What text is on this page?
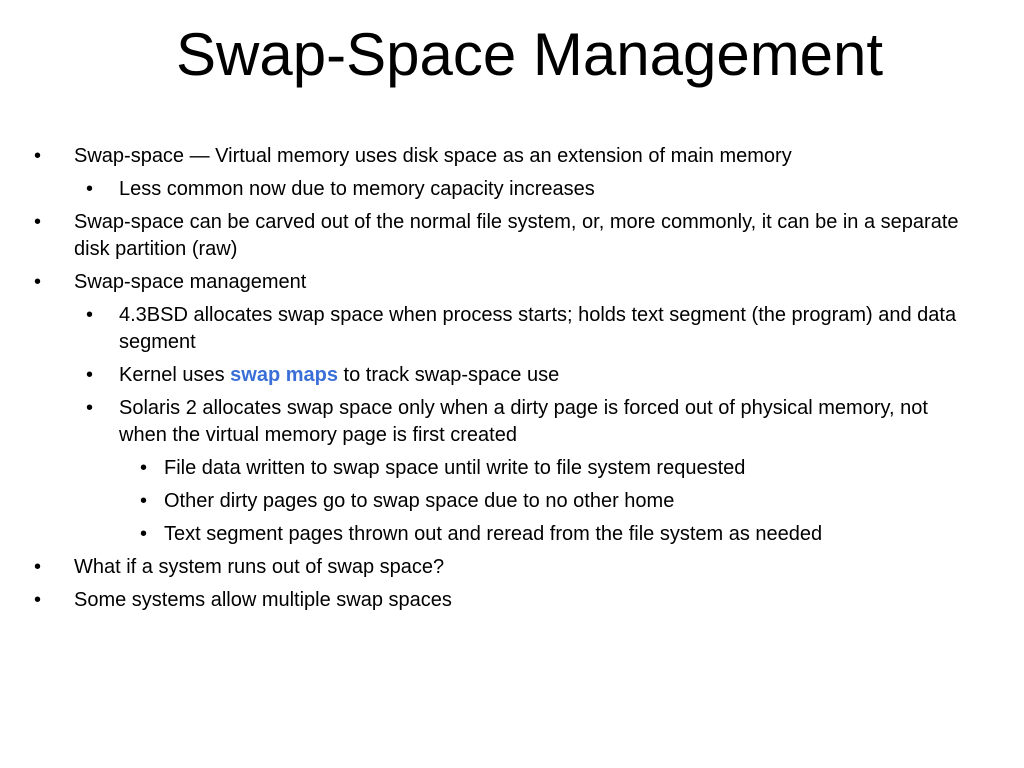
Swap-Space Management
• Swap-space — Virtual memory uses disk space as an extension of main memory
• Less common now due to memory capacity increases
• Swap-space can be carved out of the normal file system, or, more commonly, it can be in a separate disk partition (raw)
• Swap-space management
• 4.3BSD allocates swap space when process starts; holds text segment (the program) and data segment
• Kernel uses swap maps to track swap-space use
• Solaris 2 allocates swap space only when a dirty page is forced out of physical memory, not when the virtual memory page is first created
• File data written to swap space until write to file system requested
• Other dirty pages go to swap space due to no other home
• Text segment pages thrown out and reread from the file system as needed
• What if a system runs out of swap space?
• Some systems allow multiple swap spaces
